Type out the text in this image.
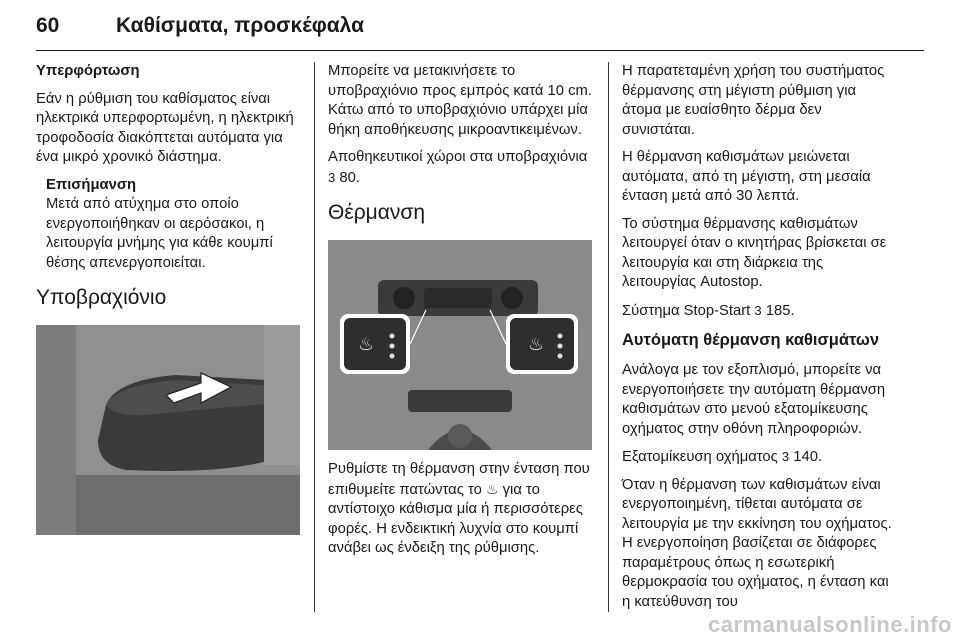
60	Καθίσματα, προσκέφαλα

Υπερφόρτωση

Εάν η ρύθμιση του καθίσματος είναι ηλεκτρικά υπερφορτωμένη, η ηλεκτρική τροφοδοσία διακόπτεται αυτόματα για ένα μικρό χρονικό διάστημα.

Επισήμανση

Μετά από ατύχημα στο οποίο ενεργοποιήθηκαν οι αερόσακοι, η λειτουργία μνήμης για κάθε κουμπί θέσης απενεργοποιείται.

Υποβραχιόνιο

Μπορείτε να μετακινήσετε το υποβραχιόνιο προς εμπρός κατά 10 cm. Κάτω από το υποβραχιόνιο υπάρχει μία θήκη αποθήκευσης μικροαντικειμένων.

Αποθηκευτικοί χώροι στα υποβραχιόνια 3 80.

Θέρμανση
♨	♨

Ρυθμίστε τη θέρμανση στην ένταση που επιθυμείτε πατώντας το ♨ για το αντίστοιχο κάθισμα μία ή περισσότερες φορές. Η ενδεικτική λυχνία στο κουμπί ανάβει ως ένδειξη της ρύθμισης.

Η παρατεταμένη χρήση του συστήματος θέρμανσης στη μέγιστη ρύθμιση για άτομα με ευαίσθητο δέρμα δεν συνιστάται.

Η θέρμανση καθισμάτων μειώνεται αυτόματα, από τη μέγιστη, στη μεσαία ένταση μετά από 30 λεπτά.

Το σύστημα θέρμανσης καθισμάτων λειτουργεί όταν ο κινητήρας βρίσκεται σε λειτουργία και στη διάρκεια της λειτουργίας Autostop.

Σύστημα Stop-Start 3 185.

Αυτόματη θέρμανση καθισμάτων

Ανάλογα με τον εξοπλισμό, μπορείτε να ενεργοποιήσετε την αυτόματη θέρμανση καθισμάτων στο μενού εξατομίκευσης οχήματος στην οθόνη πληροφοριών.

Εξατομίκευση οχήματος 3 140.

Όταν η θέρμανση των καθισμάτων είναι ενεργοποιημένη, τίθεται αυτόματα σε λειτουργία με την εκκίνηση του οχήματος. Η ενεργοποίηση βασίζεται σε διάφορες παραμέτρους όπως η εσωτερική θερμοκρασία του οχήματος, η ένταση και η κατεύθυνση του

carmanualsonline.info
